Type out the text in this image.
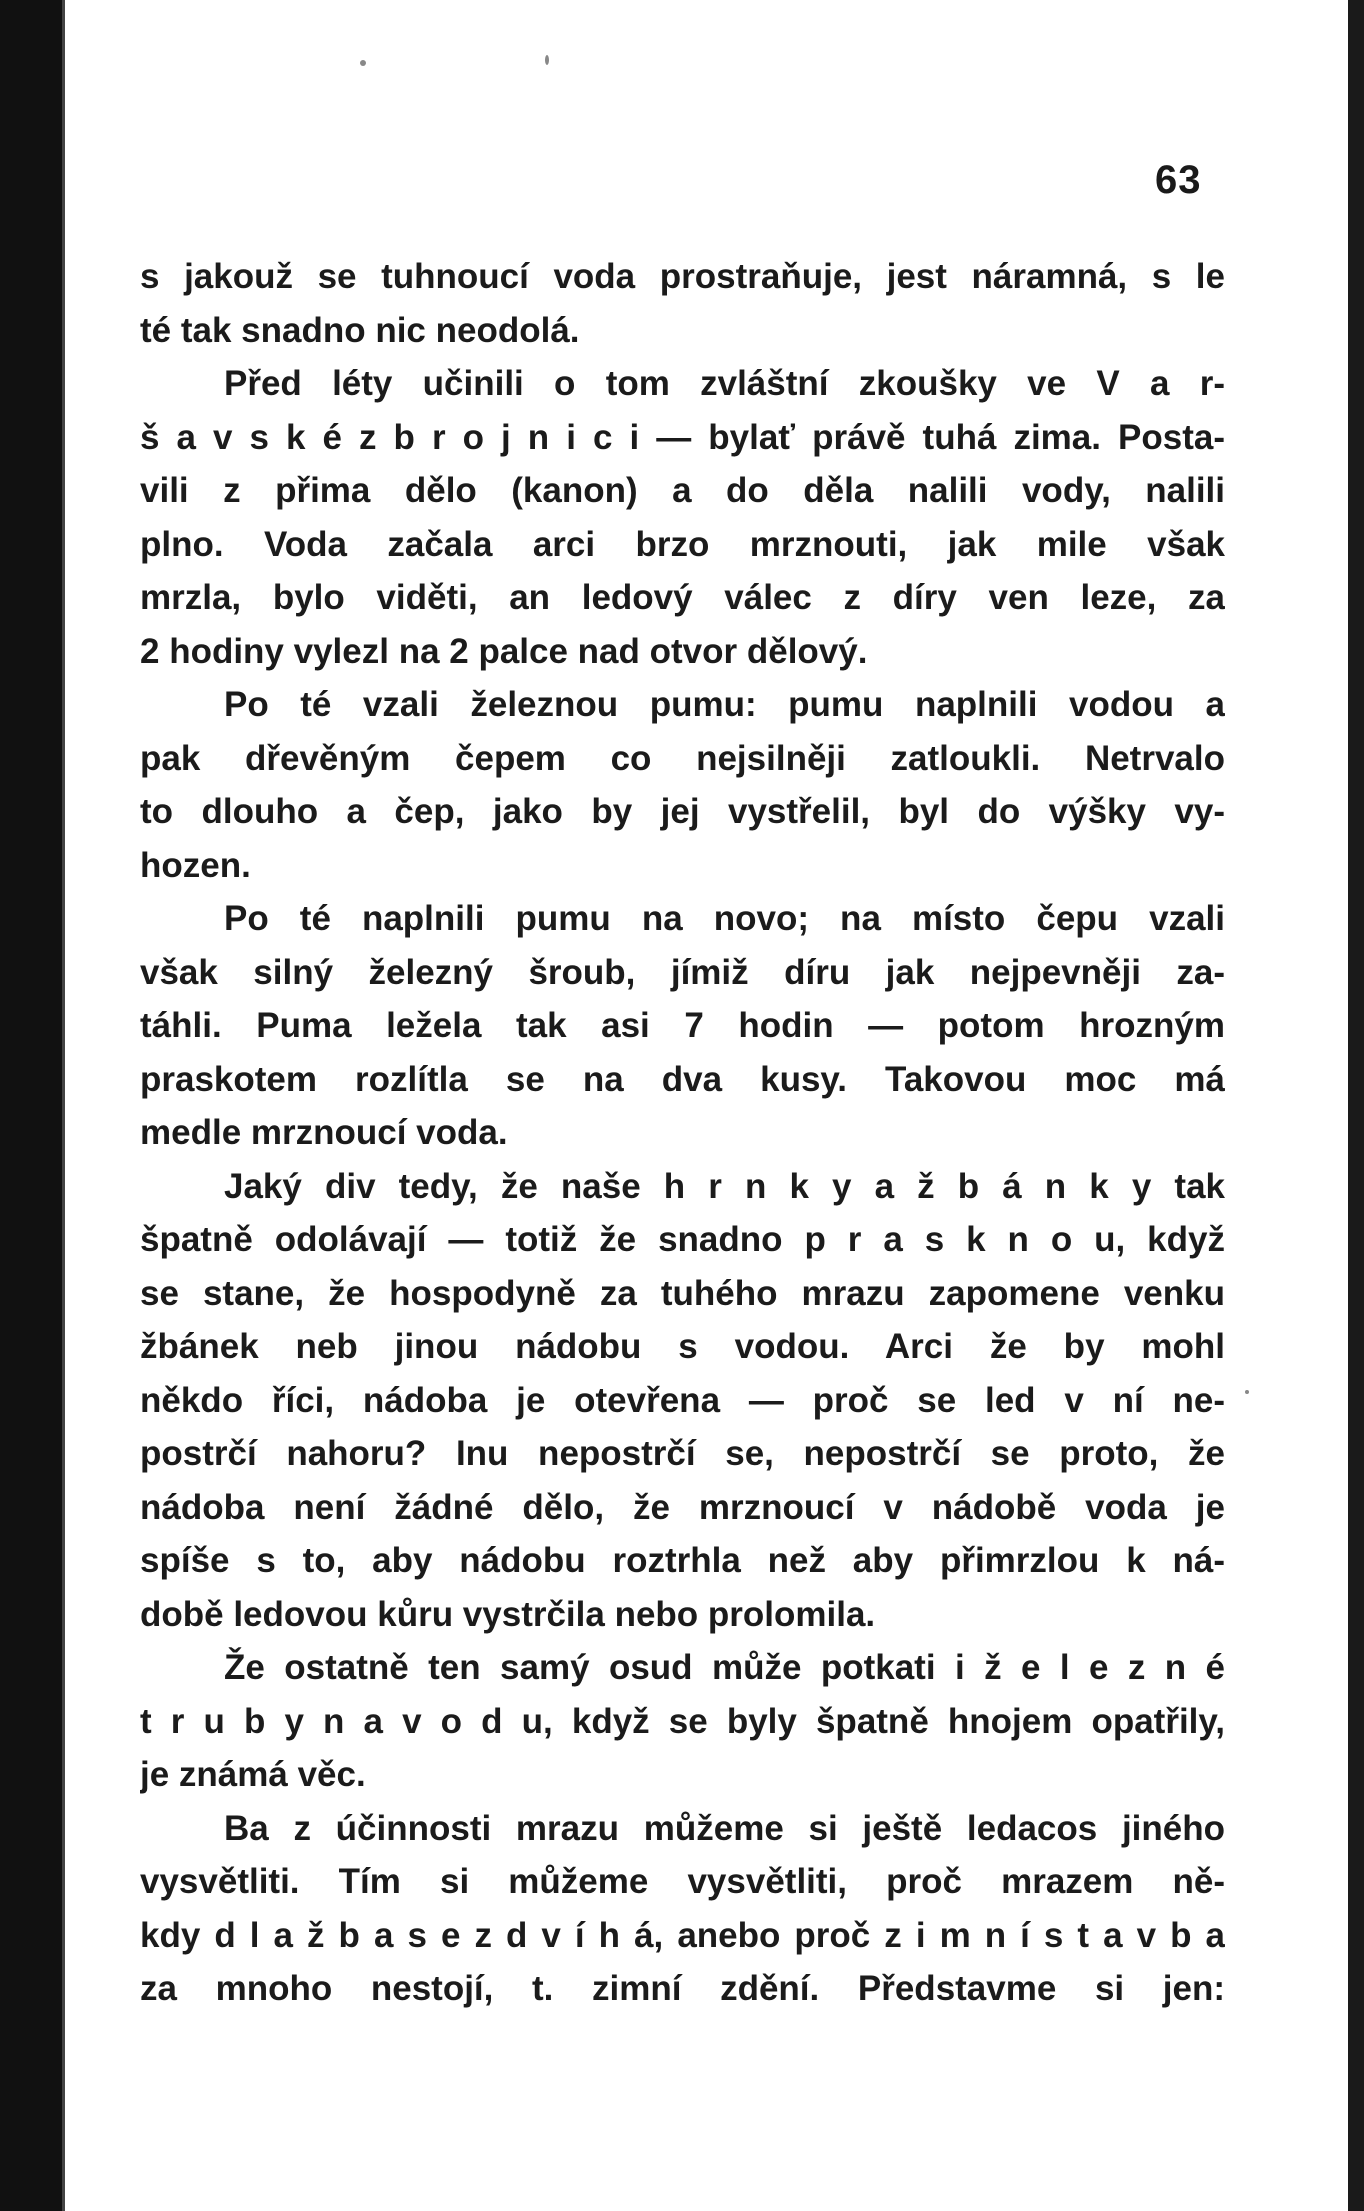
63
s jakouž se tuhnoucí voda prostraňuje, jest náramná, s le
té tak snadno nic neodolá.
Před léty učinili o tom zvláštní zkoušky ve V a r-
š a v s k é z b r o j n i c i — bylať právě tuhá zima. Posta-
vili z přima dělo (kanon) a do děla nalili vody, nalili
plno. Voda začala arci brzo mrznouti, jak mile však
mrzla, bylo viděti, an ledový válec z díry ven leze, za
2 hodiny vylezl na 2 palce nad otvor dělový.
Po té vzali železnou pumu: pumu naplnili vodou a
pak dřevěným čepem co nejsilněji zatloukli. Netrvalo
to dlouho a čep, jako by jej vystřelil, byl do výšky vy-
hozen.
Po té naplnili pumu na novo; na místo čepu vzali
však silný železný šroub, jímiž díru jak nejpevněji za-
táhli. Puma ležela tak asi 7 hodin — potom hrozným
praskotem rozlítla se na dva kusy. Takovou moc má
medle mrznoucí voda.
Jaký div tedy, že naše h r n k y a ž b á n k y tak
špatně odolávají — totiž že snadno p r a s k n o u, když
se stane, že hospodyně za tuhého mrazu zapomene venku
žbánek neb jinou nádobu s vodou. Arci že by mohl
někdo říci, nádoba je otevřena — proč se led v ní ne-
postrčí nahoru? Inu nepostrčí se, nepostrčí se proto, že
nádoba není žádné dělo, že mrznoucí v nádobě voda je
spíše s to, aby nádobu roztrhla než aby přimrzlou k ná-
době ledovou kůru vystrčila nebo prolomila.
Že ostatně ten samý osud může potkati i ž e l e z n é
t r u b y n a v o d u, když se byly špatně hnojem opatřily,
je známá věc.
Ba z účinnosti mrazu můžeme si ještě ledacos jiného
vysvětliti. Tím si můžeme vysvětliti, proč mrazem ně-
kdy d l a ž b a s e z d v í h á, anebo proč z i m n í s t a v b a
za mnoho nestojí, t. zimní zdění. Představme si jen:
